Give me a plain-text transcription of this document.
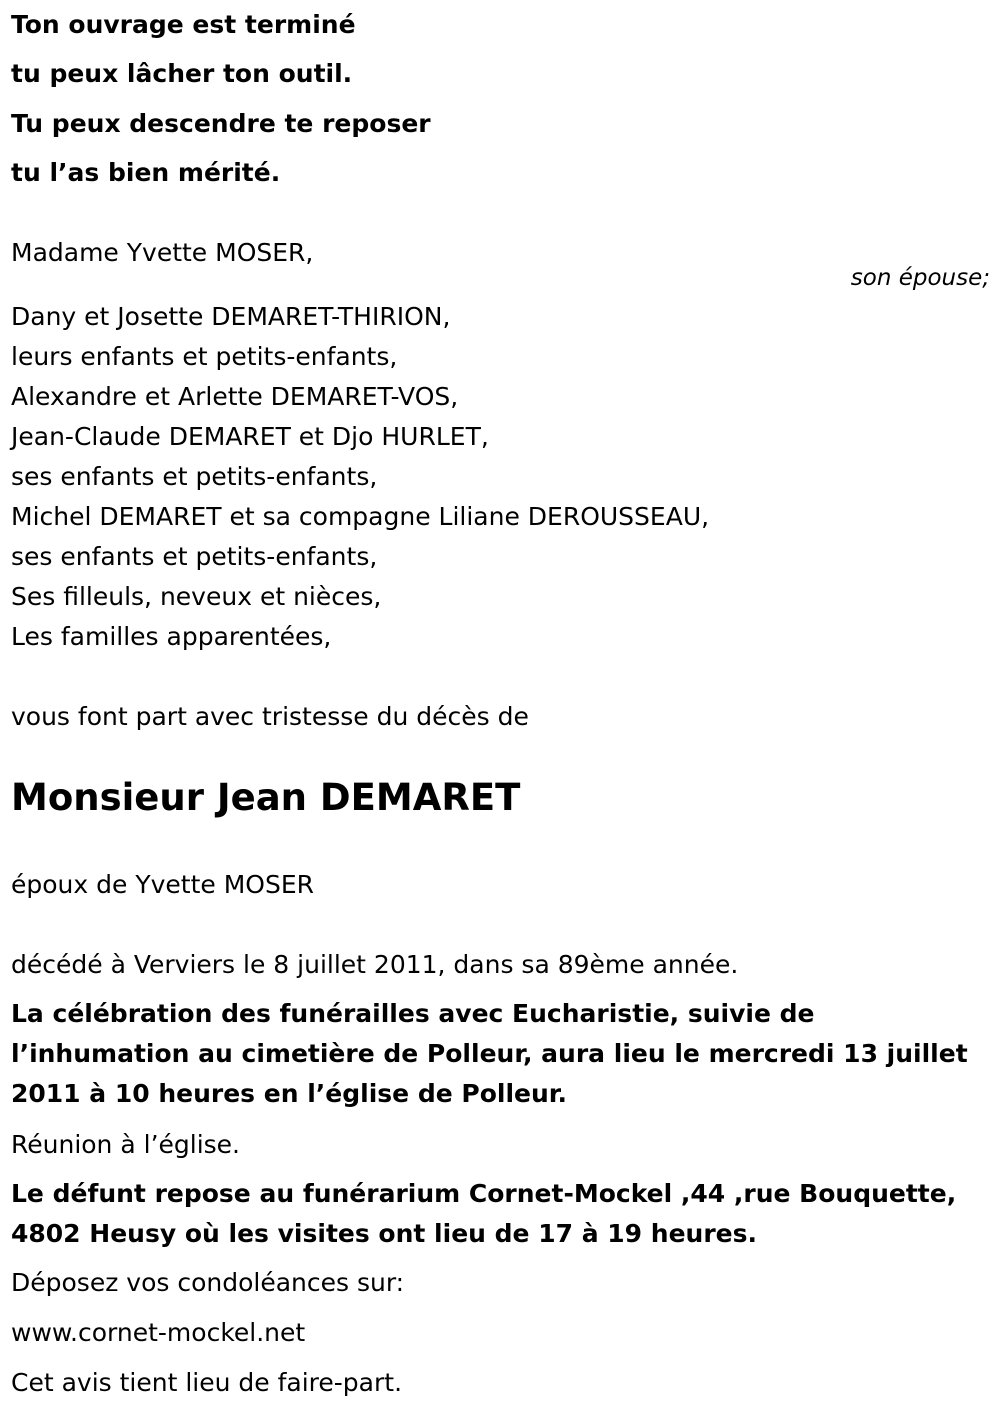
Ton ouvrage est terminé

tu peux lâcher ton outil.

Tu peux descendre te reposer

tu l’as bien mérité.

Madame Yvette MOSER,

son épouse;

Dany et Josette DEMARET-THIRION,

leurs enfants et petits-enfants,

Alexandre et Arlette DEMARET-VOS,

Jean-Claude DEMARET et Djo HURLET,

ses enfants et petits-enfants,

Michel DEMARET et sa compagne Liliane DEROUSSEAU,

ses enfants et petits-enfants,

Ses filleuls, neveux et nièces,

Les familles apparentées,

vous font part avec tristesse du décès de

Monsieur Jean DEMARET

époux de Yvette MOSER

décédé à Verviers le 8 juillet 2011, dans sa 89ème année.

La célébration des funérailles avec Eucharistie, suivie de l’inhumation au cimetière de Polleur, aura lieu le mercredi 13 juillet 2011 à 10 heures en l’église de Polleur.

Réunion à l’église.

Le défunt repose au funérarium Cornet-Mockel ,44 ,rue Bouquette, 4802 Heusy où les visites ont lieu de 17 à 19 heures.

Déposez vos condoléances sur:

www.cornet-mockel.net

Cet avis tient lieu de faire-part.
